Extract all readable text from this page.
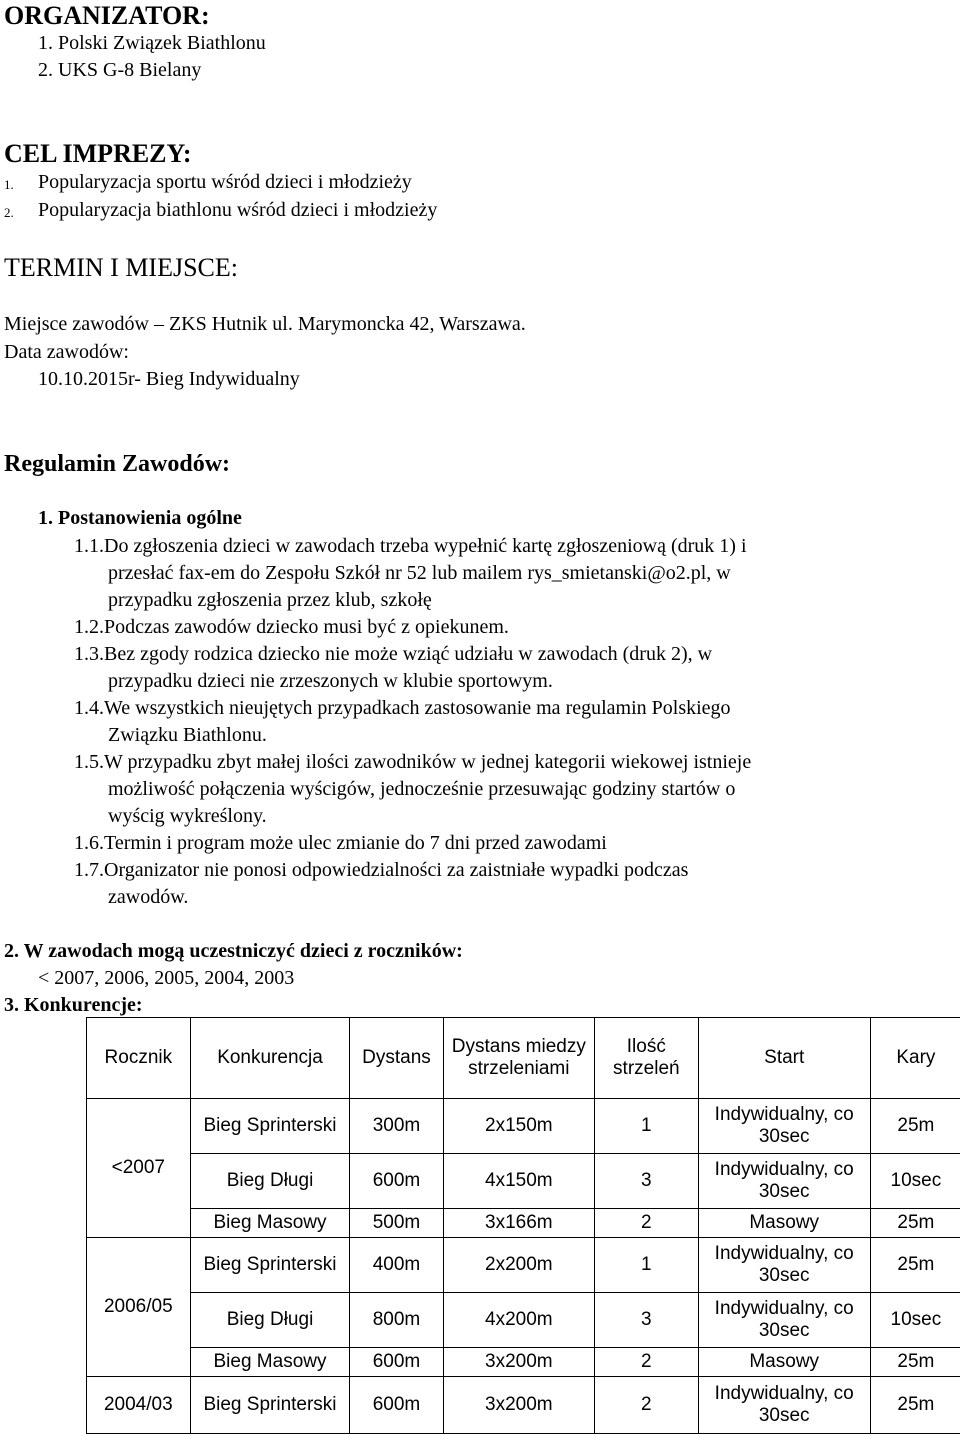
ORGANIZATOR:
1. Polski Związek Biathlonu
2. UKS G-8 Bielany
CEL IMPREZY:
1. Popularyzacja sportu wśród dzieci i młodzieży
2. Popularyzacja biathlonu wśród dzieci i młodzieży
TERMIN I MIEJSCE:
Miejsce zawodów – ZKS Hutnik ul. Marymoncka 42, Warszawa.
Data zawodów:
10.10.2015r- Bieg Indywidualny
Regulamin Zawodów:
1. Postanowienia ogólne
1.1.Do zgłoszenia dzieci w zawodach trzeba wypełnić kartę zgłoszeniową (druk 1) i
przesłać fax-em do Zespołu Szkół nr 52 lub mailem rys_smietanski@o2.pl, w
przypadku zgłoszenia przez klub, szkołę
1.2.Podczas zawodów dziecko musi być z opiekunem.
1.3.Bez zgody rodzica dziecko nie może wziąć udziału w zawodach (druk 2), w
przypadku dzieci nie zrzeszonych w klubie sportowym.
1.4.We wszystkich nieujętych przypadkach zastosowanie ma regulamin Polskiego
Związku Biathlonu.
1.5.W przypadku zbyt małej ilości zawodników w jednej kategorii wiekowej istnieje
możliwość połączenia wyścigów, jednocześnie przesuwając godziny startów o
wyścig wykreślony.
1.6.Termin i program może ulec zmianie do 7 dni przed zawodami
1.7.Organizator nie ponosi odpowiedzialności za zaistniałe wypadki podczas
zawodów.
2. W zawodach mogą uczestniczyć dzieci z roczników:
< 2007, 2006, 2005, 2004, 2003
3. Konkurencje:
Rocznik	Konkurencja	Dystans	Dystans miedzy strzeleniami	Ilość strzeleń	Start	Kary
<2007	Bieg Sprinterski	300m	2x150m	1	Indywidualny, co 30sec	25m
	Bieg Długi	600m	4x150m	3	Indywidualny, co 30sec	10sec
	Bieg Masowy	500m	3x166m	2	Masowy	25m
2006/05	Bieg Sprinterski	400m	2x200m	1	Indywidualny, co 30sec	25m
	Bieg Długi	800m	4x200m	3	Indywidualny, co 30sec	10sec
	Bieg Masowy	600m	3x200m	2	Masowy	25m
2004/03	Bieg Sprinterski	600m	3x200m	2	Indywidualny, co 30sec	25m
